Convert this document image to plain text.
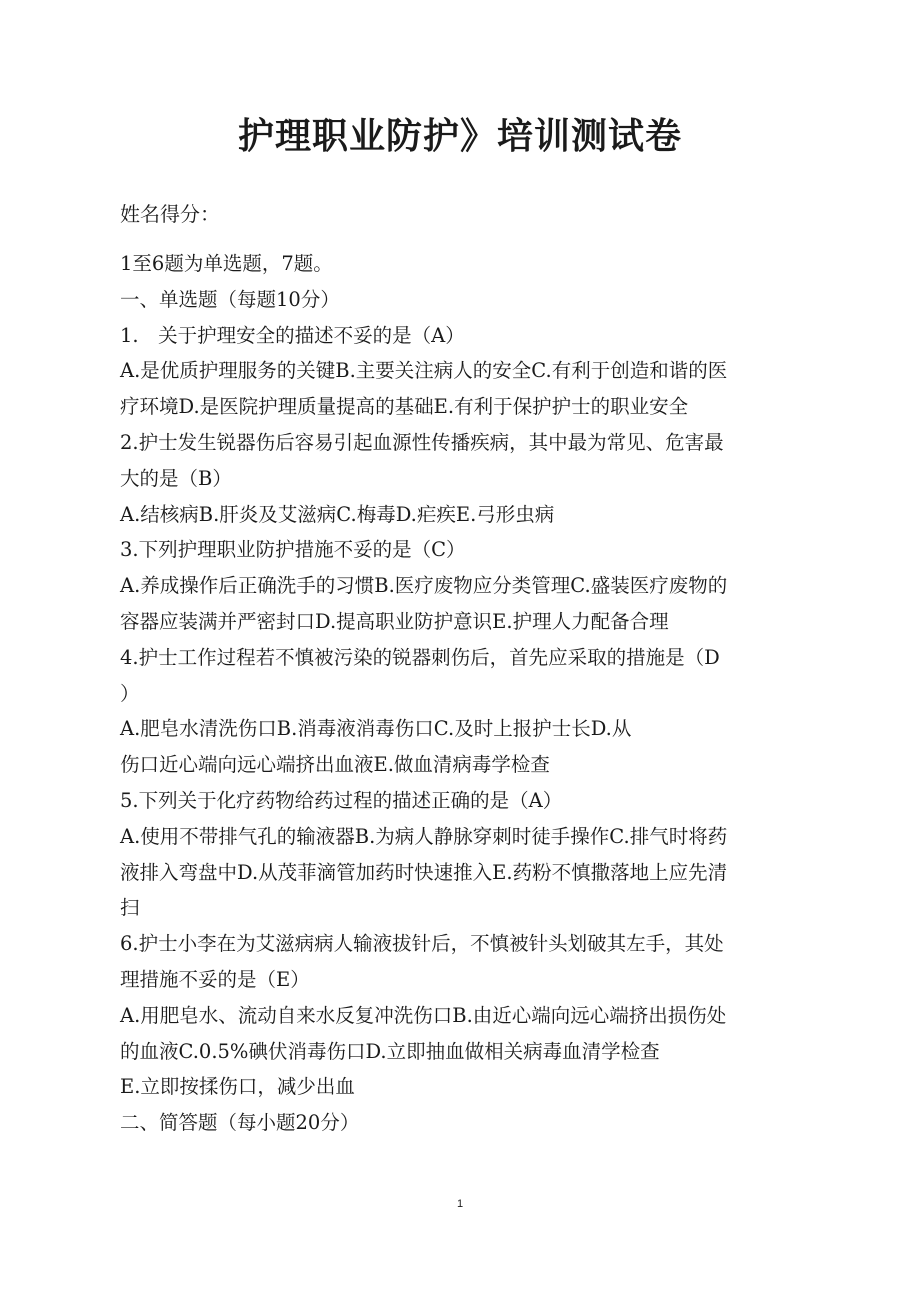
护理职业防护》培训测试卷
姓名得分：
1至6题为单选题，7题。
一、单选题（每题10分）
1.　关于护理安全的描述不妥的是（A）
A.是优质护理服务的关键B.主要关注病人的安全C.有利于创造和谐的医
疗环境D.是医院护理质量提高的基础E.有利于保护护士的职业安全
2.护士发生锐器伤后容易引起血源性传播疾病，其中最为常见、危害最
大的是（B）
A.结核病B.肝炎及艾滋病C.梅毒D.疟疾E.弓形虫病
3.下列护理职业防护措施不妥的是（C）
A.养成操作后正确洗手的习惯B.医疗废物应分类管理C.盛装医疗废物的
容器应装满并严密封口D.提高职业防护意识E.护理人力配备合理
4.护士工作过程若不慎被污染的锐器刺伤后，首先应采取的措施是（D
）
A.肥皂水清洗伤口B.消毒液消毒伤口C.及时上报护士长D.从
伤口近心端向远心端挤出血液E.做血清病毒学检查
5.下列关于化疗药物给药过程的描述正确的是（A）
A.使用不带排气孔的输液器B.为病人静脉穿刺时徒手操作C.排气时将药
液排入弯盘中D.从茂菲滴管加药时快速推入E.药粉不慎撒落地上应先清
扫
6.护士小李在为艾滋病病人输液拔针后，不慎被针头划破其左手，其处
理措施不妥的是（E）
A.用肥皂水、流动自来水反复冲洗伤口B.由近心端向远心端挤出损伤处
的血液C.0.5%碘伏消毒伤口D.立即抽血做相关病毒血清学检查
E.立即按揉伤口，减少出血
二、简答题（每小题20分）
1
